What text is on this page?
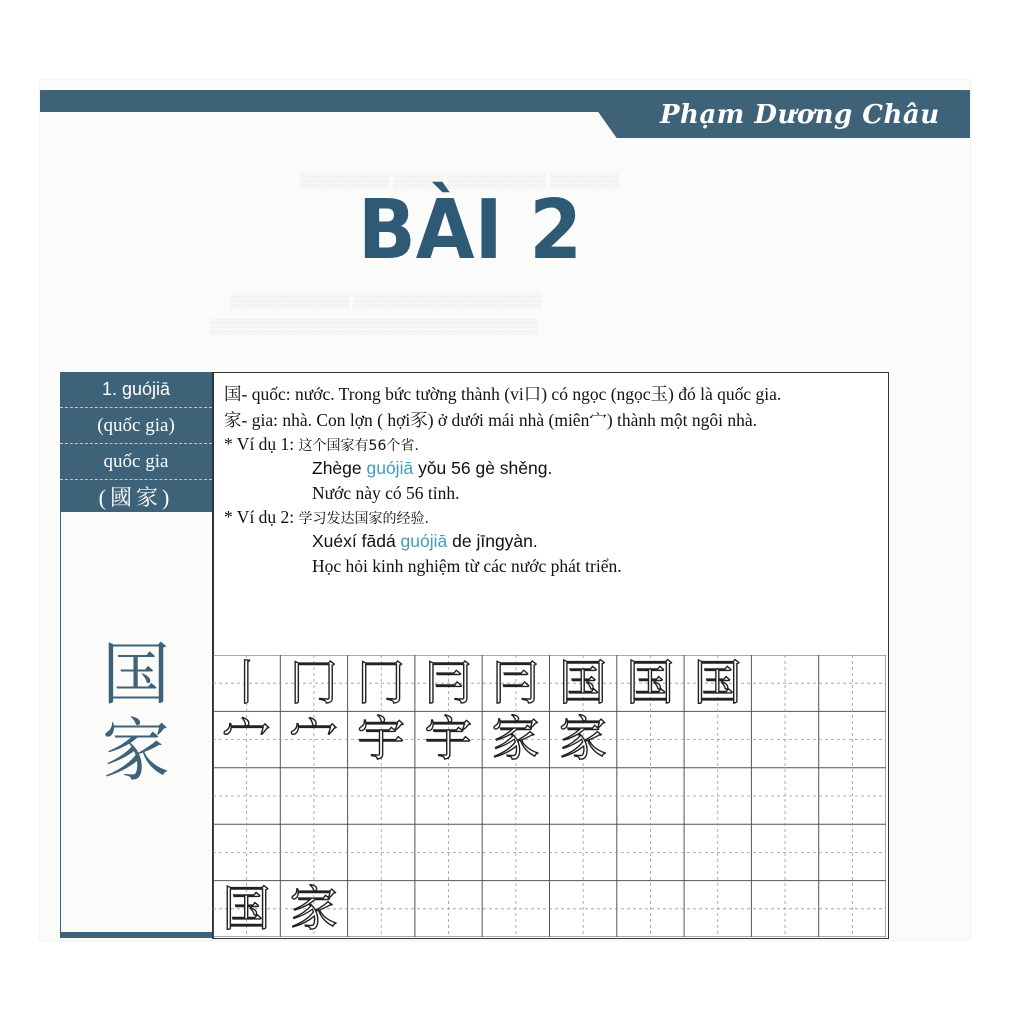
▒▒▒▒▒▒▒▒▒ ▒▒▒▒▒ ▒▒▒▒▒▒▒▒▒▒ ▒▒▒▒▒▒▒
▒▒▒▒▒▒▒▒▒▒▒▒ ▒▒▒▒▒▒▒▒▒▒▒▒▒▒▒▒▒▒▒
▒▒▒▒▒▒▒▒▒▒▒▒▒▒▒▒▒▒▒▒▒▒▒▒▒▒▒▒▒▒▒▒▒
Phạm Dương Châu
BÀI 2
1. guójiā
(quốc gia)
quốc gia
(國家)
国
家
国- quốc: nước. Trong bức tường thành (vi口) có ngọc (ngọc玉) đó là quốc gia.
家- gia: nhà. Con lợn ( hợi豕) ở dưới mái nhà (miên宀) thành một ngôi nhà.
* Ví dụ 1: 这个国家有56个省.
Zhège guójiā yǒu 56 gè shěng.
Nước này có 56 tỉnh.
* Ví dụ 2: 学习发达国家的经验.
Xuéxí fādá guójiā de jīngyàn.
Học hỏi kinh nghiệm từ các nước phát triển.
丨 冂 冂 冃 冃 国 国 国
宀 宀 宇 宇 家 家
国 家
